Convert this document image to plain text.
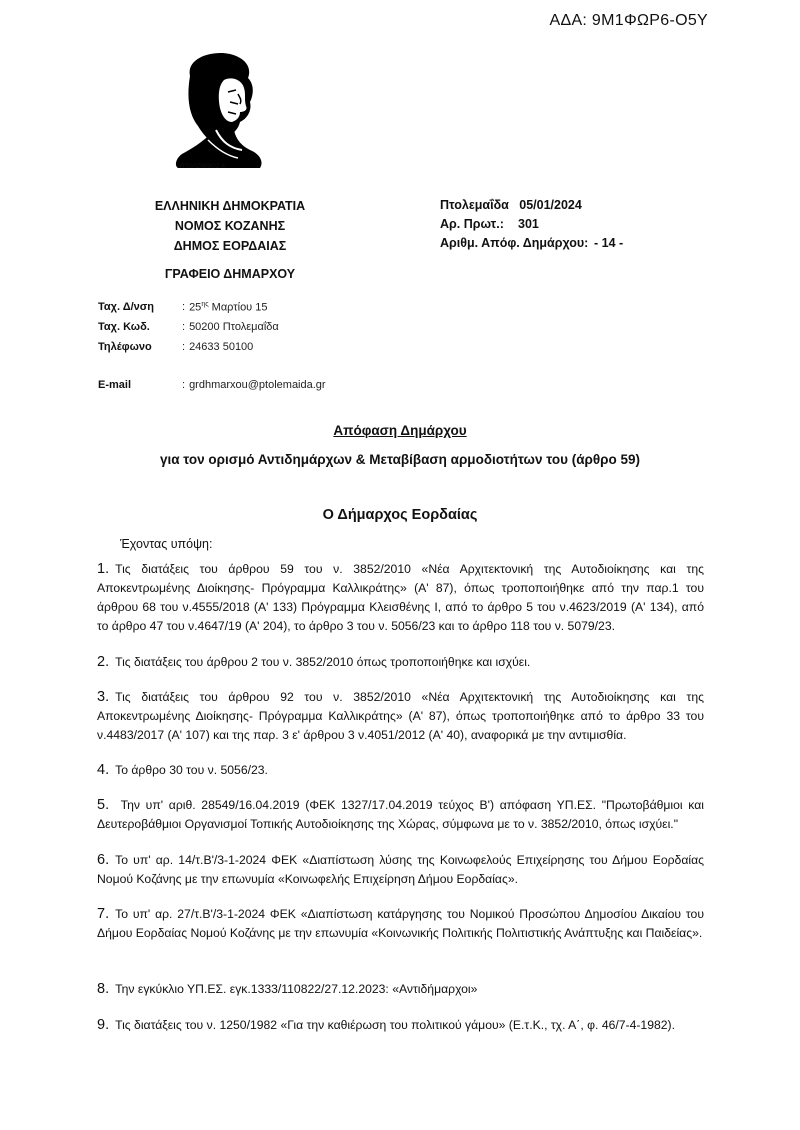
ΑΔΑ: 9Μ1ΦΩΡ6-Ο5Υ
ΠΤΟΛΕΜΑΙΟΣ Α'
ΕΛΛΗΝΙΚΗ ΔΗΜΟΚΡΑΤΙΑ
ΝΟΜΟΣ ΚΟΖΑΝΗΣ
ΔΗΜΟΣ ΕΟΡΔΑΙΑΣ
ΓΡΑΦΕΙΟ ΔΗΜΑΡΧΟΥ
Πτολεμαΐδα   05/01/2024
Αρ. Πρωτ.:	301
Αριθμ. Απόφ. Δημάρχου: - 14 -
Ταχ. Δ/νση	: $25^{\eta\varsigma}$ Μαρτίου 15
Ταχ. Κωδ.	: 50200 Πτολεμαΐδα
Τηλέφωνο	: 24633 50100
E-mail	: grdhmarxou@ptolemaida.gr
Απόφαση Δημάρχου
για τον ορισμό Αντιδημάρχων & Μεταβίβαση αρμοδιοτήτων του (άρθρο 59)
Ο Δήμαρχος Εορδαίας
Έχοντας υπόψη:
1. Τις διατάξεις του άρθρου 59 του ν. 3852/2010 «Νέα Αρχιτεκτονική της Αυτοδιοίκησης και της Αποκεντρωμένης Διοίκησης- Πρόγραμμα Καλλικράτης» (Α' 87), όπως τροποποιήθηκε από την παρ.1 του άρθρου 68 του ν.4555/2018 (Α' 133) Πρόγραμμα Κλεισθένης Ι, από το άρθρο 5 του ν.4623/2019 (Α' 134), από το άρθρο 47 του ν.4647/19 (Α' 204), το άρθρο 3 του ν. 5056/23 και το άρθρο 118 του ν. 5079/23.
2. Τις διατάξεις του άρθρου 2 του ν. 3852/2010 όπως τροποποιήθηκε και ισχύει.
3. Τις διατάξεις του άρθρου 92 του ν. 3852/2010 «Νέα Αρχιτεκτονική της Αυτοδιοίκησης και της Αποκεντρωμένης Διοίκησης- Πρόγραμμα Καλλικράτης» (Α' 87), όπως τροποποιήθηκε από το άρθρο 33 του ν.4483/2017 (Α' 107) και της παρ. 3 ε' άρθρου 3 ν.4051/2012 (Α' 40), αναφορικά με την αντιμισθία.
4. Το άρθρο 30 του ν. 5056/23.
5. Την υπ' αριθ. 28549/16.04.2019 (ΦΕΚ 1327/17.04.2019 τεύχος Β') απόφαση ΥΠ.ΕΣ. "Πρωτοβάθμιοι και Δευτεροβάθμιοι Οργανισμοί Τοπικής Αυτοδιοίκησης της Χώρας, σύμφωνα με το ν. 3852/2010, όπως ισχύει."
6. Το υπ' αρ. 14/τ.Β'/3-1-2024 ΦΕΚ «Διαπίστωση λύσης της Κοινωφελούς Επιχείρησης του Δήμου Εορδαίας Νομού Κοζάνης με την επωνυμία «Κοινωφελής Επιχείρηση Δήμου Εορδαίας».
7. Το υπ' αρ. 27/τ.Β'/3-1-2024 ΦΕΚ «Διαπίστωση κατάργησης του Νομικού Προσώπου Δημοσίου Δικαίου του Δήμου Εορδαίας Νομού Κοζάνης με την επωνυμία «Κοινωνικής Πολιτικής Πολιτιστικής Ανάπτυξης και Παιδείας».
8. Την εγκύκλιο ΥΠ.ΕΣ. εγκ.1333/110822/27.12.2023: «Αντιδήμαρχοι»
9. Τις διατάξεις του ν. 1250/1982 «Για την καθιέρωση του πολιτικού γάμου» (Ε.τ.Κ., τχ. Α΄, φ. 46/7-4-1982).
